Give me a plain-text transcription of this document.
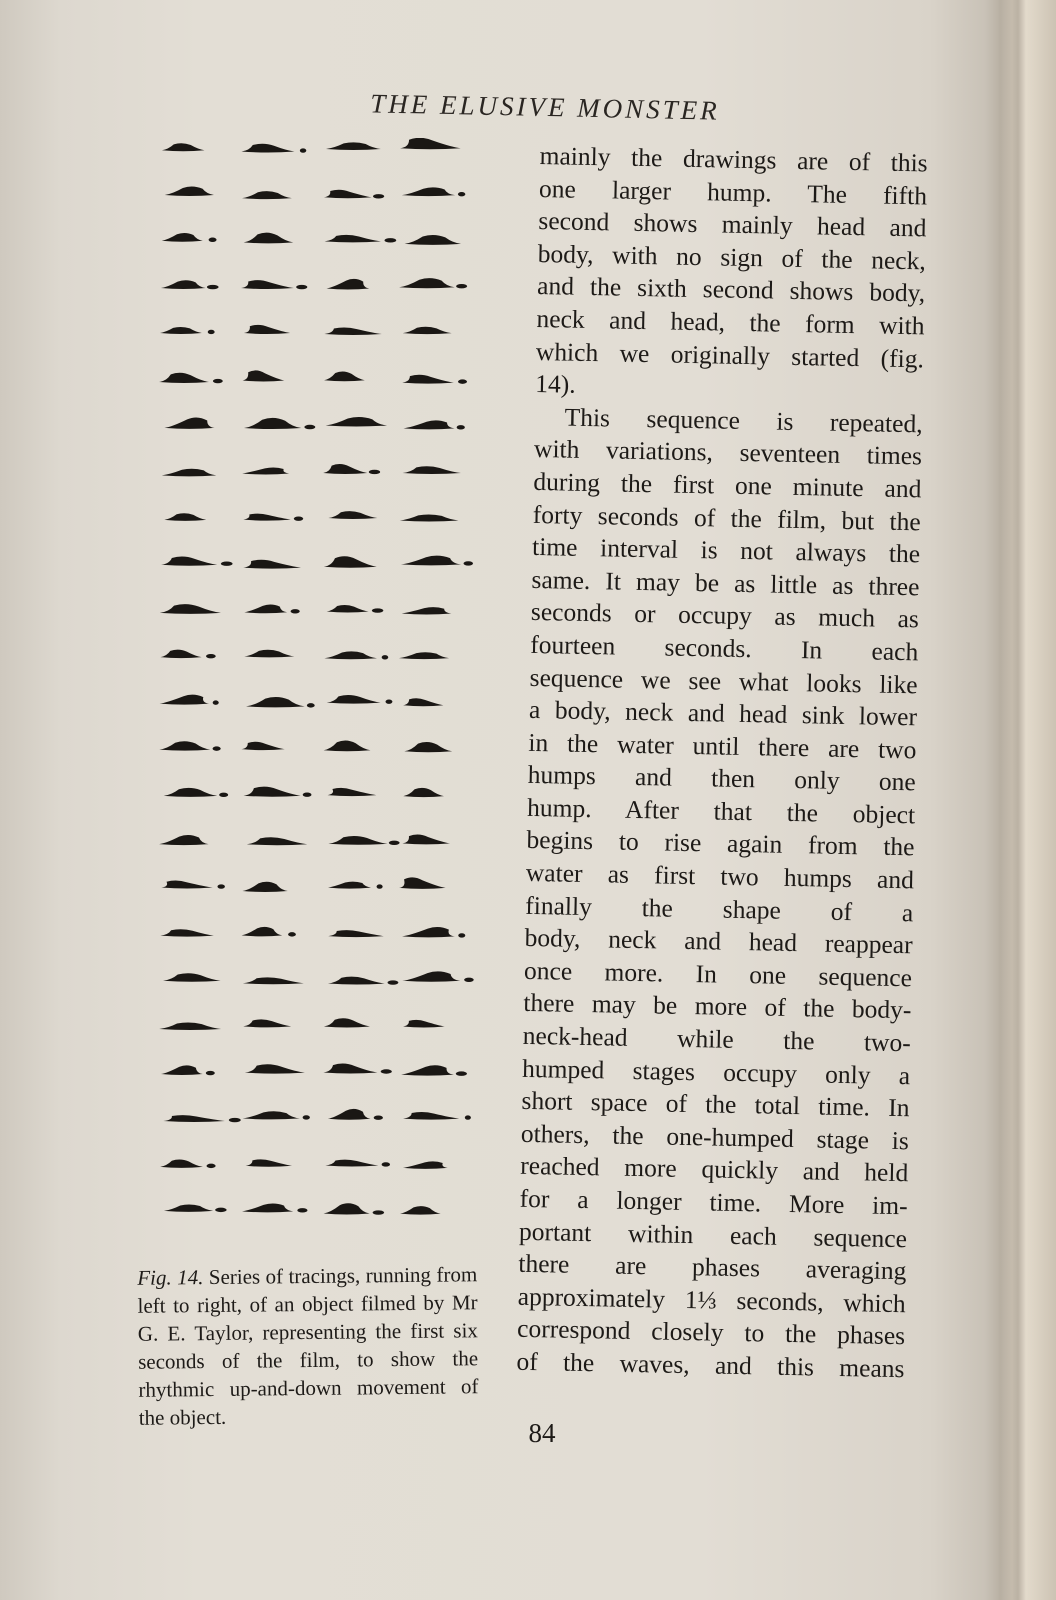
THE ELUSIVE MONSTER
Fig. 14. Series of tracings, running from left to right, of an object filmed by Mr G. E. Taylor, representing the first six seconds of the film, to show the rhythmic up-and-down movement of the object.
mainly the drawings are of this
one larger hump. The fifth
second shows mainly head and
body, with no sign of the neck,
and the sixth second shows body,
neck and head, the form with
which we originally started (fig.
14).
This sequence is repeated,
with variations, seventeen times
during the first one minute and
forty seconds of the film, but the
time interval is not always the
same. It may be as little as three
seconds or occupy as much as
fourteen seconds. In each
sequence we see what looks like
a body, neck and head sink lower
in the water until there are two
humps and then only one
hump. After that the object
begins to rise again from the
water as first two humps and
finally the shape of a
body, neck and head reappear
once more. In one sequence
there may be more of the body-
neck-head while the two-
humped stages occupy only a
short space of the total time. In
others, the one-humped stage is
reached more quickly and held
for a longer time. More im-
portant within each sequence
there are phases averaging
approximately 1⅓ seconds, which
correspond closely to the phases
of the waves, and this means
84
